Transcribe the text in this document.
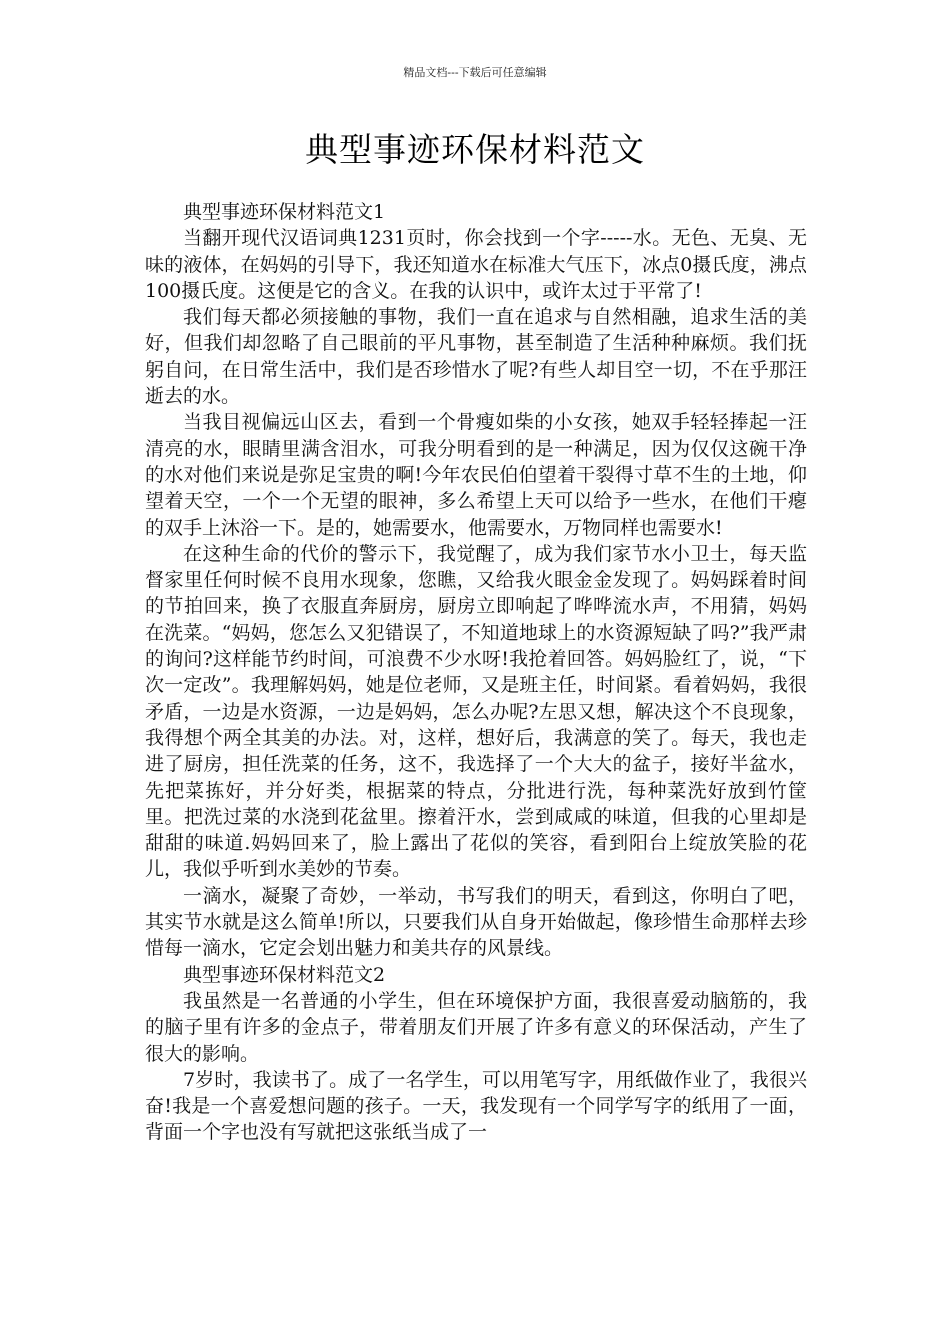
精品文档---下载后可任意编辑
典型事迹环保材料范文

典型事迹环保材料范文1

当翻开现代汉语词典1231页时，你会找到一个字-----水。无色、无臭、无味的液体，在妈妈的引导下，我还知道水在标准大气压下，冰点0摄氏度，沸点100摄氏度。这便是它的含义。在我的认识中，或许太过于平常了!

我们每天都必须接触的事物，我们一直在追求与自然相融，追求生活的美好，但我们却忽略了自己眼前的平凡事物，甚至制造了生活种种麻烦。我们抚躬自问，在日常生活中，我们是否珍惜水了呢?有些人却目空一切，不在乎那汪逝去的水。

当我目视偏远山区去，看到一个骨瘦如柴的小女孩，她双手轻轻捧起一汪清亮的水，眼睛里满含泪水，可我分明看到的是一种满足，因为仅仅这碗干净的水对他们来说是弥足宝贵的啊!今年农民伯伯望着干裂得寸草不生的土地，仰望着天空，一个一个无望的眼神，多么希望上天可以给予一些水，在他们干瘪的双手上沐浴一下。是的，她需要水，他需要水，万物同样也需要水!

在这种生命的代价的警示下，我觉醒了，成为我们家节水小卫士，每天监督家里任何时候不良用水现象，您瞧，又给我火眼金金发现了。妈妈踩着时间的节拍回来，换了衣服直奔厨房，厨房立即响起了哗哗流水声，不用猜，妈妈在洗菜。“妈妈，您怎么又犯错误了，不知道地球上的水资源短缺了吗?”我严肃的询问?这样能节约时间，可浪费不少水呀!我抢着回答。妈妈脸红了，说，“下次一定改”。我理解妈妈，她是位老师，又是班主任，时间紧。看着妈妈，我很矛盾，一边是水资源，一边是妈妈，怎么办呢?左思又想，解决这个不良现象，我得想个两全其美的办法。对，这样，想好后，我满意的笑了。每天，我也走进了厨房，担任洗菜的任务，这不，我选择了一个大大的盆子，接好半盆水，先把菜拣好，并分好类，根据菜的特点，分批进行洗，每种菜洗好放到竹筐里。把洗过菜的水浇到花盆里。擦着汗水，尝到咸咸的味道，但我的心里却是甜甜的味道.妈妈回来了，脸上露出了花似的笑容，看到阳台上绽放笑脸的花儿，我似乎听到水美妙的节奏。

一滴水，凝聚了奇妙，一举动，书写我们的明天，看到这，你明白了吧，其实节水就是这么简单!所以，只要我们从自身开始做起，像珍惜生命那样去珍惜每一滴水，它定会划出魅力和美共存的风景线。

典型事迹环保材料范文2

我虽然是一名普通的小学生，但在环境保护方面，我很喜爱动脑筋的，我的脑子里有许多的金点子，带着朋友们开展了许多有意义的环保活动，产生了很大的影响。

7岁时，我读书了。成了一名学生，可以用笔写字，用纸做作业了，我很兴奋!我是一个喜爱想问题的孩子。一天，我发现有一个同学写字的纸用了一面，背面一个字也没有写就把这张纸当成了一
